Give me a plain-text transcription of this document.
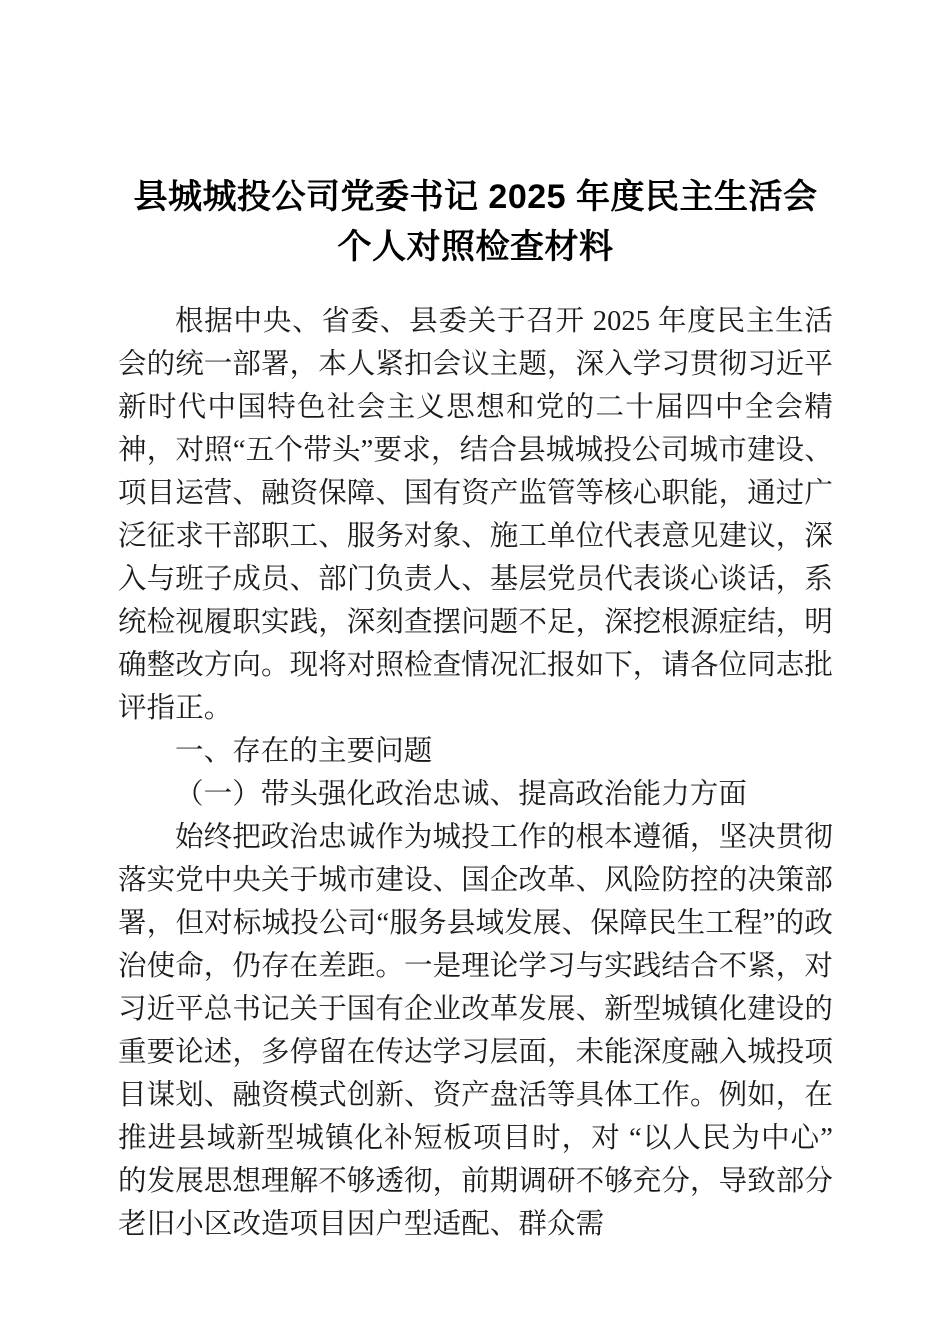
县城城投公司党委书记 2025 年度民主生活会
个人对照检查材料

根据中央、省委、县委关于召开 2025 年度民主生活会的统一部署，本人紧扣会议主题，深入学习贯彻习近平新时代中国特色社会主义思想和党的二十届四中全会精神，对照“五个带头”要求，结合县城城投公司城市建设、项目运营、融资保障、国有资产监管等核心职能，通过广泛征求干部职工、服务对象、施工单位代表意见建议，深入与班子成员、部门负责人、基层党员代表谈心谈话，系统检视履职实践，深刻查摆问题不足，深挖根源症结，明确整改方向。现将对照检查情况汇报如下，请各位同志批评指正。

一、存在的主要问题

（一）带头强化政治忠诚、提高政治能力方面

始终把政治忠诚作为城投工作的根本遵循，坚决贯彻落实党中央关于城市建设、国企改革、风险防控的决策部署，但对标城投公司“服务县域发展、保障民生工程”的政治使命，仍存在差距。一是理论学习与实践结合不紧，对习近平总书记关于国有企业改革发展、新型城镇化建设的重要论述，多停留在传达学习层面，未能深度融入城投项目谋划、融资模式创新、资产盘活等具体工作。例如，在推进县域新型城镇化补短板项目时，对 “以人民为中心” 的发展思想理解不够透彻，前期调研不够充分，导致部分老旧小区改造项目因户型适配、群众需
